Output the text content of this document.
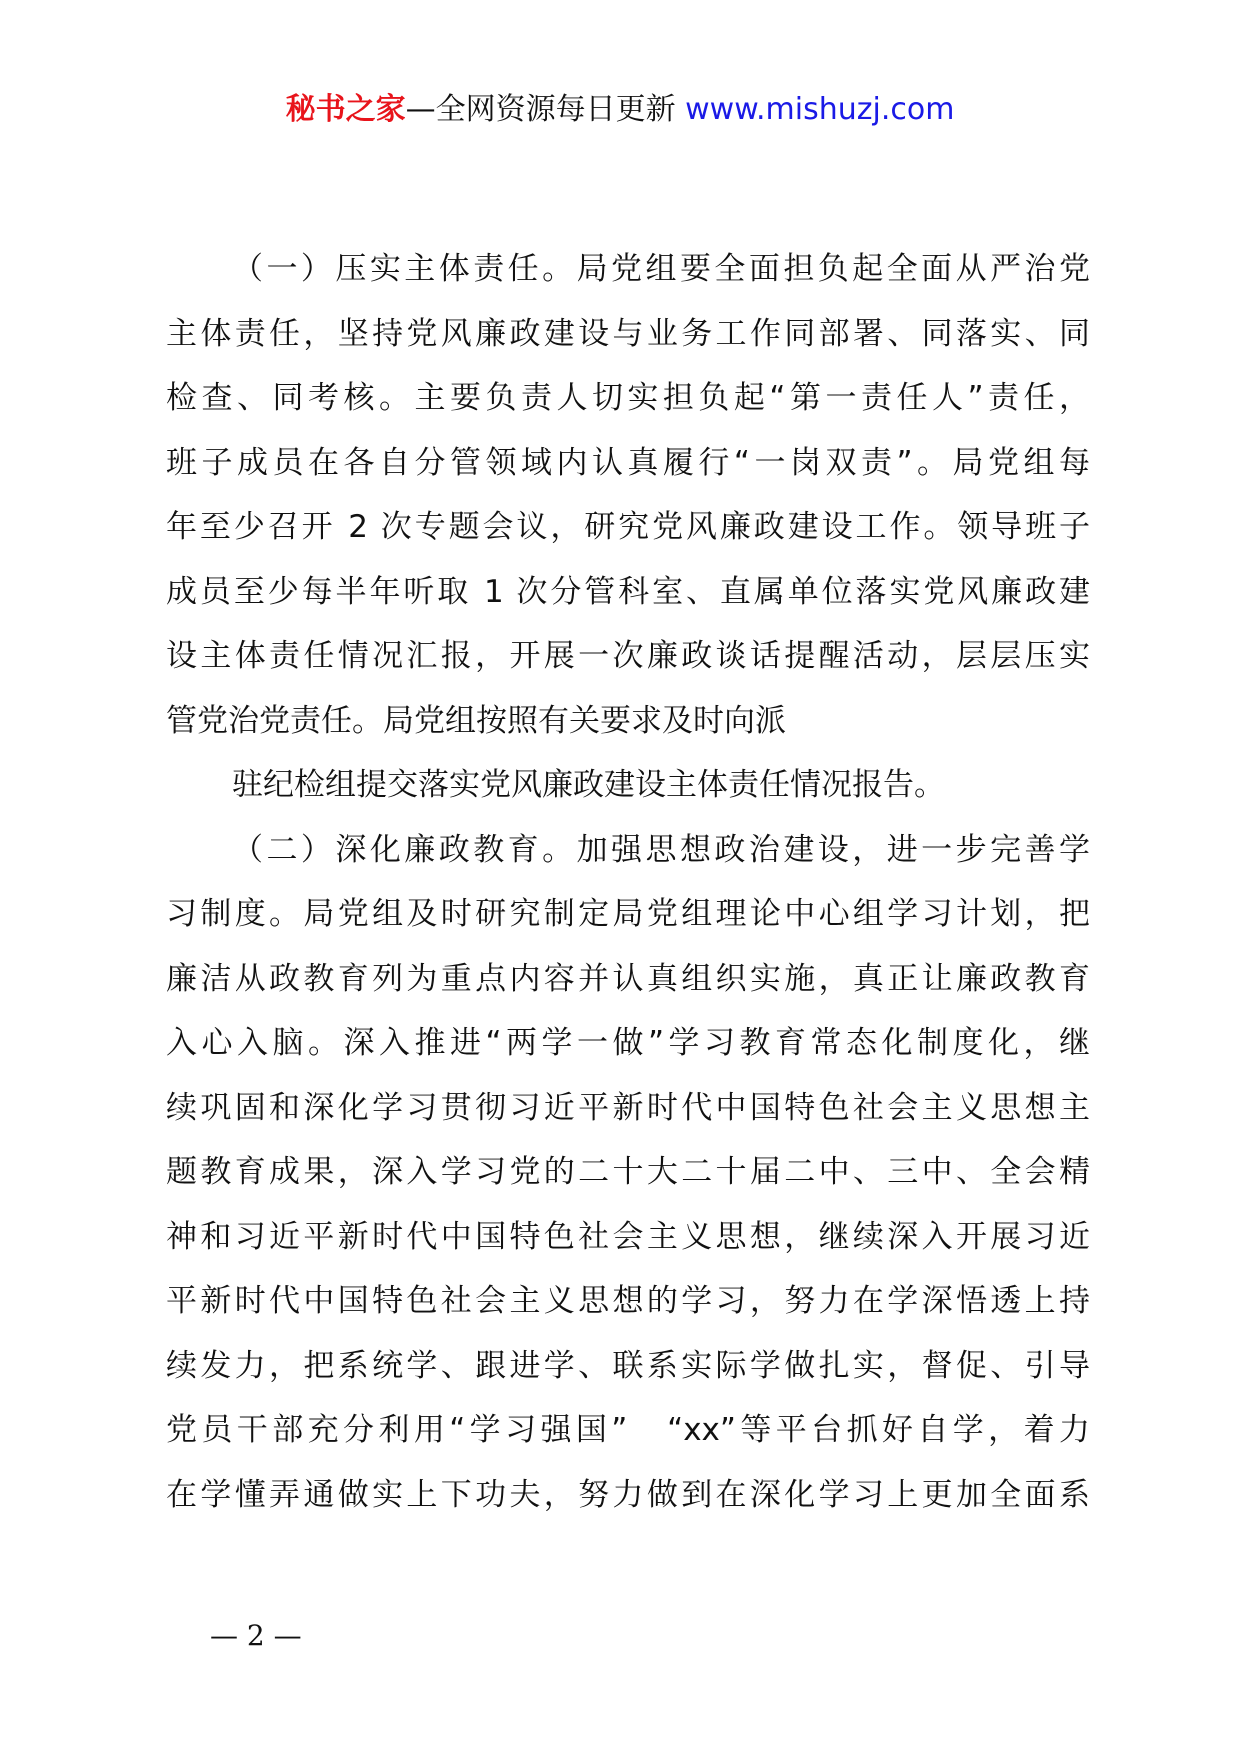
秘书之家—全网资源每日更新 www.mishuzj.com
（一）压实主体责任。局党组要全面担负起全面从严治党
主体责任，坚持党风廉政建设与业务工作同部署、同落实、同
检查、同考核。主要负责人切实担负起“第一责任人”责任，
班子成员在各自分管领域内认真履行“一岗双责”。局党组每
年至少召开 2 次专题会议，研究党风廉政建设工作。领导班子
成员至少每半年听取 1 次分管科室、直属单位落实党风廉政建
设主体责任情况汇报，开展一次廉政谈话提醒活动，层层压实
管党治党责任。局党组按照有关要求及时向派
驻纪检组提交落实党风廉政建设主体责任情况报告。
（二）深化廉政教育。加强思想政治建设，进一步完善学
习制度。局党组及时研究制定局党组理论中心组学习计划，把
廉洁从政教育列为重点内容并认真组织实施，真正让廉政教育
入心入脑。深入推进“两学一做”学习教育常态化制度化，继
续巩固和深化学习贯彻习近平新时代中国特色社会主义思想主
题教育成果，深入学习党的二十大二十届二中、三中、全会精
神和习近平新时代中国特色社会主义思想，继续深入开展习近
平新时代中国特色社会主义思想的学习，努力在学深悟透上持
续发力，把系统学、跟进学、联系实际学做扎实，督促、引导
党员干部充分利用“学习强国”　“xx”等平台抓好自学，着力
在学懂弄通做实上下功夫，努力做到在深化学习上更加全面系
— 2 —
